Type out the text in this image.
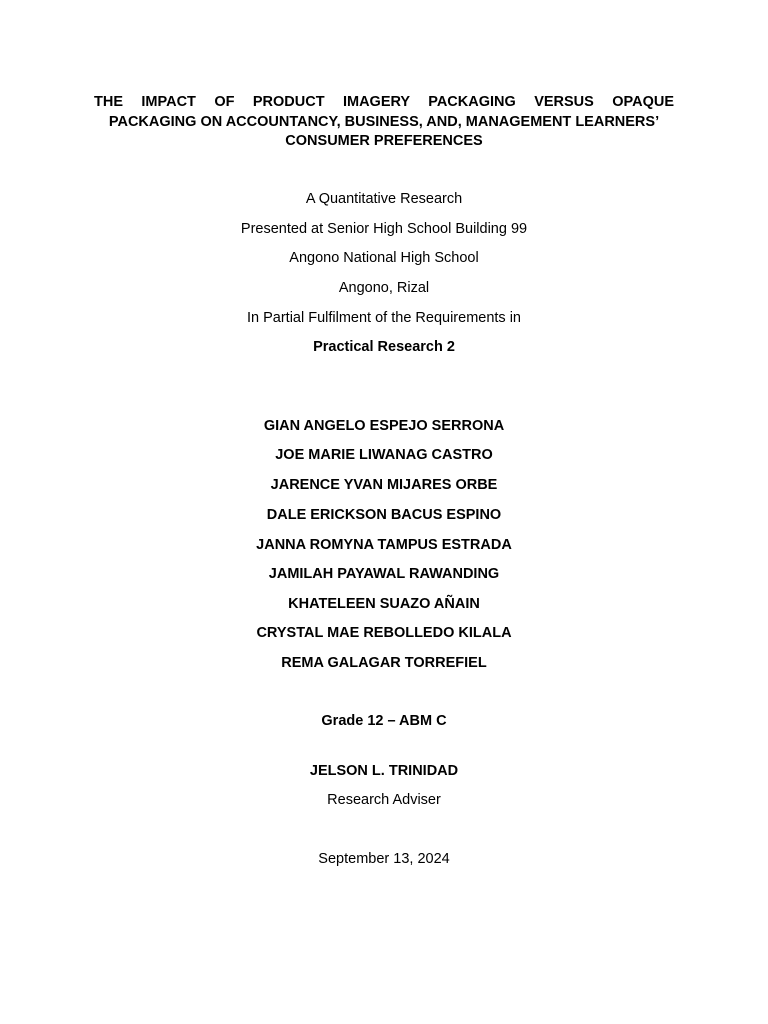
THE IMPACT OF PRODUCT IMAGERY PACKAGING VERSUS OPAQUE
PACKAGING ON ACCOUNTANCY, BUSINESS, AND, MANAGEMENT LEARNERS’
CONSUMER PREFERENCES
A Quantitative Research
Presented at Senior High School Building 99
Angono National High School
Angono, Rizal
In Partial Fulfilment of the Requirements in
Practical Research 2
GIAN ANGELO ESPEJO SERRONA
JOE MARIE LIWANAG CASTRO
JARENCE YVAN MIJARES ORBE
DALE ERICKSON BACUS ESPINO
JANNA ROMYNA TAMPUS ESTRADA
JAMILAH PAYAWAL RAWANDING
KHATELEEN SUAZO AÑAIN
CRYSTAL MAE REBOLLEDO KILALA
REMA GALAGAR TORREFIEL
Grade 12 – ABM C
JELSON L. TRINIDAD
Research Adviser
September 13, 2024
